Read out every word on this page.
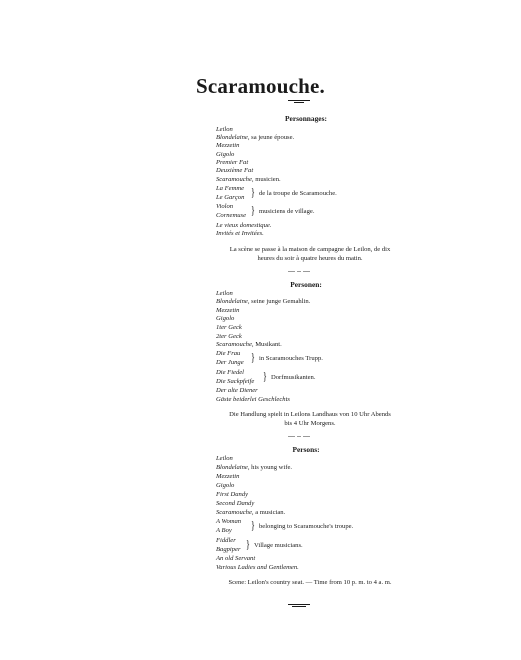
Scaramouche.
Personnages:
Leilon
Blondelaine, sa jeune épouse.
Mezzetin
Gigolo
Premier Fat
Deuxième Fat
Scaramouche, musicien.
La Femme
Le Garçon } de la troupe de Scaramouche.
Violon
Cornemuse } musiciens de village.
Le vieux domestique.
Invités et Invitées.
La scène se passe à la maison de campagne de Leilon, de dix
heures du soir à quatre heures du matin.
Personen:
Leilon
Blondelaine, seine junge Gemahlin.
Mezzetin
Gigolo
1ter Geck
2ter Geck
Scaramouche, Musikant.
Die Frau
Der Junge } in Scaramouches Trupp.
Die Fiedel
Die Sackpfeife } Dorfmusikanten.
Der alte Diener
Gäste beiderlei Geschlechts
Die Handlung spielt in Leilons Landhaus von 10 Uhr Abends
bis 4 Uhr Morgens.
Persons:
Leilon
Blondelaine, his young wife.
Mezzetin
Gigolo
First Dandy
Second Dandy
Scaramouche, a musician.
A Woman
A Boy } belonging to Scaramouche's troupe.
Fiddler
Bagpiper } Village musicians.
An old Servant
Various Ladies and Gentlemen.
Scene: Leilon's country seat. — Time from 10 p. m. to 4 a. m.
